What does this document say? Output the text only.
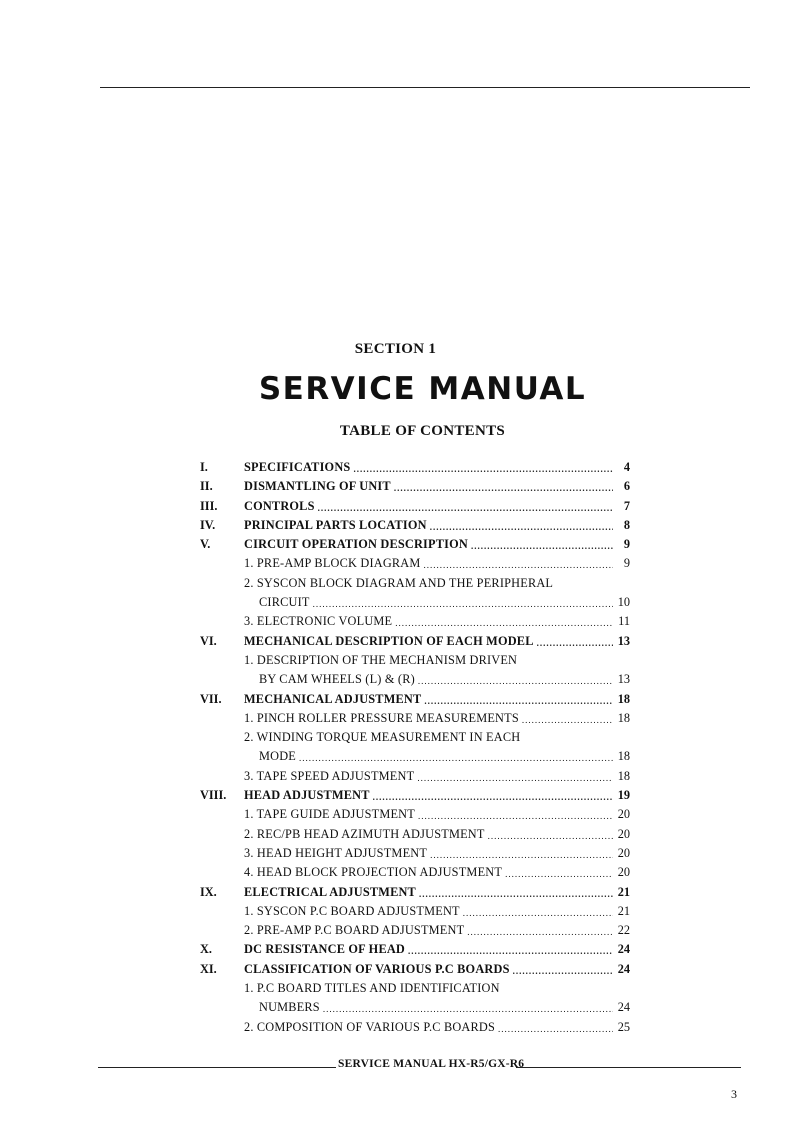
SECTION 1
SERVICE MANUAL
TABLE OF CONTENTS
I.	SPECIFICATIONS .....	4
II.	DISMANTLING OF UNIT .....	6
III.	CONTROLS .....	7
IV.	PRINCIPAL PARTS LOCATION .....	8
V.	CIRCUIT OPERATION DESCRIPTION .....	9
1. PRE-AMP BLOCK DIAGRAM .....	9
2. SYSCON BLOCK DIAGRAM AND THE PERIPHERAL
CIRCUIT .....	10
3. ELECTRONIC VOLUME .....	11
VI.	MECHANICAL DESCRIPTION OF EACH MODEL .....	13
1. DESCRIPTION OF THE MECHANISM DRIVEN
BY CAM WHEELS (L) & (R) .....	13
VII.	MECHANICAL ADJUSTMENT .....	18
1. PINCH ROLLER PRESSURE MEASUREMENTS .....	18
2. WINDING TORQUE MEASUREMENT IN EACH
MODE .....	18
3. TAPE SPEED ADJUSTMENT .....	18
VIII.	HEAD ADJUSTMENT .....	19
1. TAPE GUIDE ADJUSTMENT .....	20
2. REC/PB HEAD AZIMUTH ADJUSTMENT .....	20
3. HEAD HEIGHT ADJUSTMENT .....	20
4. HEAD BLOCK PROJECTION ADJUSTMENT .....	20
IX.	ELECTRICAL ADJUSTMENT .....	21
1. SYSCON P.C BOARD ADJUSTMENT .....	21
2. PRE-AMP P.C BOARD ADJUSTMENT .....	22
X.	DC RESISTANCE OF HEAD .....	24
XI.	CLASSIFICATION OF VARIOUS P.C BOARDS .....	24
1. P.C BOARD TITLES AND IDENTIFICATION
NUMBERS .....	24
2. COMPOSITION OF VARIOUS P.C BOARDS .....	25
SERVICE MANUAL HX-R5/GX-R6
3
